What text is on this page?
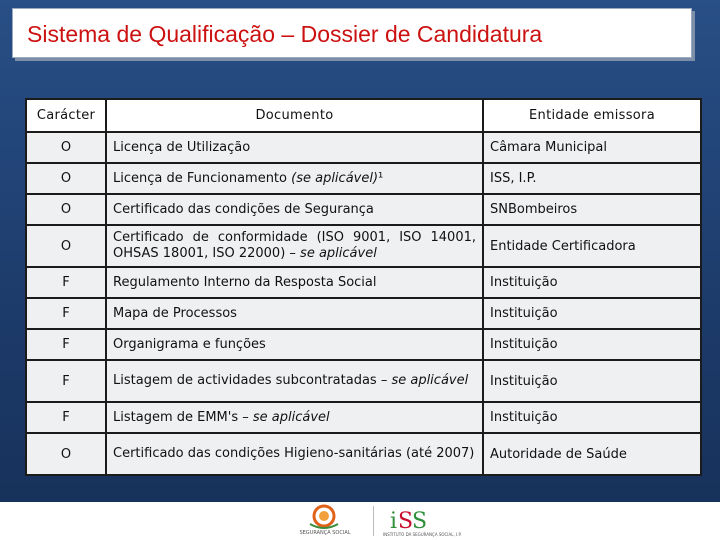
Sistema de Qualificação – Dossier de Candidatura
Carácter	Documento	Entidade emissora
O	Licença de Utilização	Câmara Municipal
O	Licença de Funcionamento (se aplicável)¹	ISS, I.P.
O	Certificado das condições de Segurança	SNBombeiros
O	Certificado de conformidade (ISO 9001, ISO 14001, OHSAS 18001, ISO 22000) – se aplicável	Entidade Certificadora
F	Regulamento Interno da Resposta Social	Instituição
F	Mapa de Processos	Instituição
F	Organigrama e funções	Instituição
F	Listagem de actividades subcontratadas – se aplicável	Instituição
F	Listagem de EMM's – se aplicável	Instituição
O	Certificado das condições Higieno-sanitárias (até 2007)	Autoridade de Saúde
SEGURANÇA SOCIAL	i S
S
INSTITUTO DA SEGURANÇA SOCIAL, I.P.
